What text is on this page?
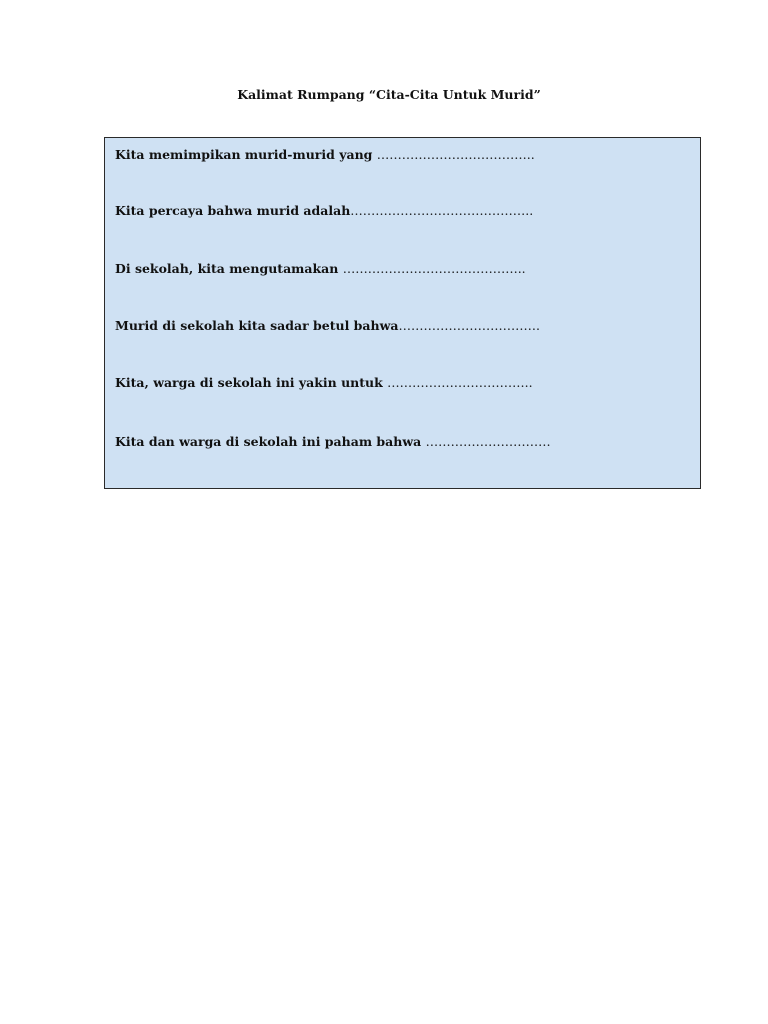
Kalimat Rumpang “Cita-Cita Untuk Murid”
Kita memimpikan murid-murid yang ………………………………..
Kita percaya bahwa murid adalah……………………………………..
Di sekolah, kita mengutamakan ……………………………………..
Murid di sekolah kita sadar betul bahwa…………………………….
Kita, warga di sekolah ini yakin untuk ……………………………..
Kita dan warga di sekolah ini paham bahwa …………………………
